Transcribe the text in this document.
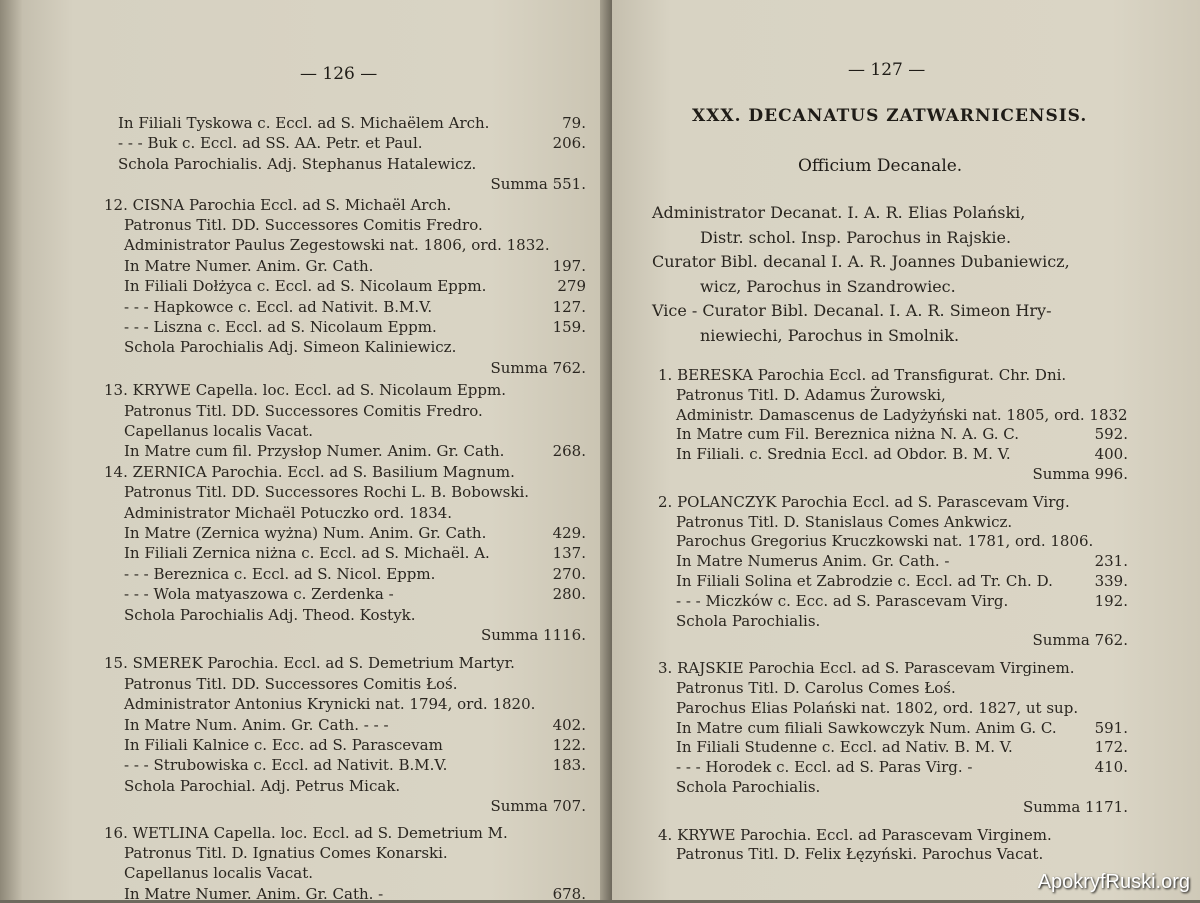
— 126 —
In Filiali Tyskowa c. Eccl. ad S. Michaëlem Arch.	79.
- - - Buk c. Eccl. ad SS. AA. Petr. et Paul.	206.
Schola Parochialis. Adj. Stephanus Hatalewicz.
Summa 551.
12. CISNA Parochia Eccl. ad S. Michaël Arch.
Patronus Titl. DD. Successores Comitis Fredro.
Administrator Paulus Zegestowski nat. 1806, ord. 1832.
In Matre Numer. Anim. Gr. Cath.	197.
In Filiali Dołżyca c. Eccl. ad S. Nicolaum Eppm.	279
- - - Hapkowce c. Eccl. ad Nativit. B.M.V.	127.
- - - Liszna c. Eccl. ad S. Nicolaum Eppm.	159.
Schola Parochialis Adj. Simeon Kaliniewicz.
Summa 762.
13. KRYWE Capella. loc. Eccl. ad S. Nicolaum Eppm.
Patronus Titl. DD. Successores Comitis Fredro.
Capellanus localis Vacat.
In Matre cum fil. Przysłop Numer. Anim. Gr. Cath.	268.
14. ZERNICA Parochia. Eccl. ad S. Basilium Magnum.
Patronus Titl. DD. Successores Rochi L. B. Bobowski.
Administrator Michaël Potuczko ord. 1834.
In Matre (Zernica wyżna) Num. Anim. Gr. Cath.	429.
In Filiali Zernica niżna c. Eccl. ad S. Michaël. A.	137.
- - - Bereznica c. Eccl. ad S. Nicol. Eppm.	270.
- - - Wola matyaszowa c. Zerdenka -	280.
Schola Parochialis Adj. Theod. Kostyk.
Summa 1116.
15. SMEREK Parochia. Eccl. ad S. Demetrium Martyr.
Patronus Titl. DD. Successores Comitis Łoś.
Administrator Antonius Krynicki nat. 1794, ord. 1820.
In Matre Num. Anim. Gr. Cath. - - -	402.
In Filiali Kalnice c. Ecc. ad S. Parascevam	122.
- - - Strubowiska c. Eccl. ad Nativit. B.M.V.	183.
Schola Parochial. Adj. Petrus Micak.
Summa 707.
16. WETLINA Capella. loc. Eccl. ad S. Demetrium M.
Patronus Titl. D. Ignatius Comes Konarski.
Capellanus localis Vacat.
In Matre Numer. Anim. Gr. Cath. -	678.
— 127 —
XXX. DECANATUS ZATWARNICENSIS.
Officium Decanale.
Administrator Decanat. I. A. R. Elias Polański,
Distr. schol. Insp. Parochus in Rajskie.
Curator Bibl. decanal I. A. R. Joannes Dubaniewicz,
wicz, Parochus in Szandrowiec.
Vice - Curator Bibl. Decanal. I. A. R. Simeon Hry-
niewiechi, Parochus in Smolnik.
1. BERESKA Parochia Eccl. ad Transfigurat. Chr. Dni.
Patronus Titl. D. Adamus Żurowski,
Administr. Damascenus de Ladyżyński nat. 1805, ord. 1832
In Matre cum Fil. Bereznica niżna N. A. G. C.	592.
In Filiali. c. Srednia Eccl. ad Obdor. B. M. V.	400.
Summa 996.
2. POLANCZYK Parochia Eccl. ad S. Parascevam Virg.
Patronus Titl. D. Stanislaus Comes Ankwicz.
Parochus Gregorius Kruczkowski nat. 1781, ord. 1806.
In Matre Numerus Anim. Gr. Cath. -	231.
In Filiali Solina et Zabrodzie c. Eccl. ad Tr. Ch. D.	339.
- - - Miczków c. Ecc. ad S. Parascevam Virg.	192.
Schola Parochialis.
Summa 762.
3. RAJSKIE Parochia Eccl. ad S. Parascevam Virginem.
Patronus Titl. D. Carolus Comes Łoś.
Parochus Elias Polański nat. 1802, ord. 1827, ut sup.
In Matre cum filiali Sawkowczyk Num. Anim G. C.	591.
In Filiali Studenne c. Eccl. ad Nativ. B. M. V.	172.
- - - Horodek c. Eccl. ad S. Paras Virg. -	410.
Schola Parochialis.
Summa 1171.
4. KRYWE Parochia. Eccl. ad Parascevam Virginem.
Patronus Titl. D. Felix Łęzyński. Parochus Vacat.
ApokryfRuski.org
